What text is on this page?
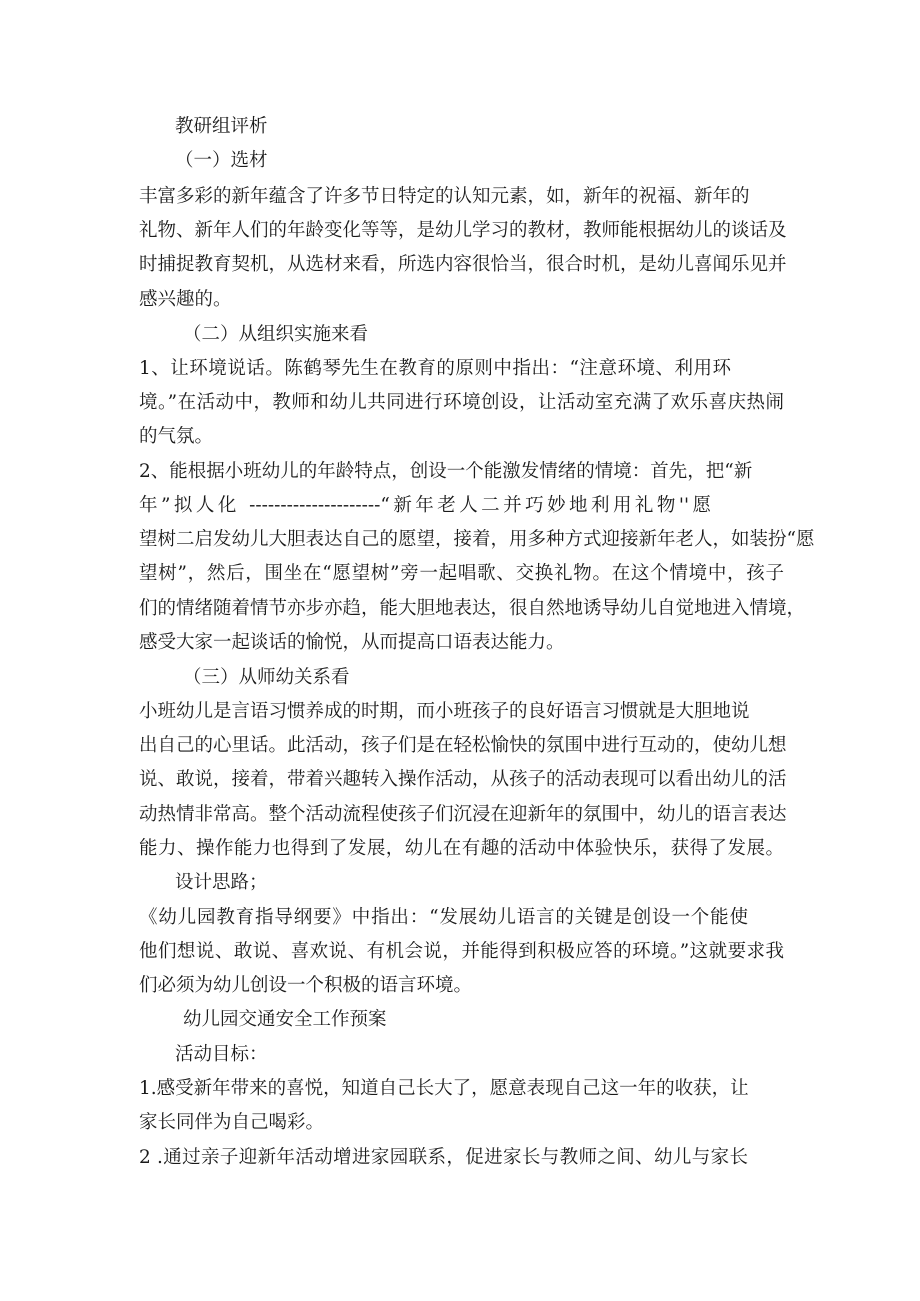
教研组评析
（一）选材
丰富多彩的新年蕴含了许多节日特定的认知元素，如，新年的祝福、新年的
礼物、新年人们的年龄变化等等，是幼儿学习的教材，教师能根据幼儿的谈话及
时捕捉教育契机，从选材来看，所选内容很恰当，很合时机，是幼儿喜闻乐见并
感兴趣的。
（二）从组织实施来看
1、让环境说话。陈鹤琴先生在教育的原则中指出：“注意环境、利用环
境。”在活动中，教师和幼儿共同进行环境创设，让活动室充满了欢乐喜庆热闹
的气氛。
2、能根据小班幼儿的年龄特点，创设一个能激发情绪的情境：首先，把“新
年”拟人化 ---------------------“新年老人二并巧妙地利用礼物''愿
望树二启发幼儿大胆表达自己的愿望，接着，用多种方式迎接新年老人，如装扮“愿
望树”，然后，围坐在“愿望树”旁一起唱歌、交换礼物。在这个情境中，孩子
们的情绪随着情节亦步亦趋，能大胆地表达，很自然地诱导幼儿自觉地进入情境，
感受大家一起谈话的愉悦，从而提高口语表达能力。
（三）从师幼关系看
小班幼儿是言语习惯养成的时期，而小班孩子的良好语言习惯就是大胆地说
出自己的心里话。此活动，孩子们是在轻松愉快的氛围中进行互动的，使幼儿想
说、敢说，接着，带着兴趣转入操作活动，从孩子的活动表现可以看出幼儿的活
动热情非常高。整个活动流程使孩子们沉浸在迎新年的氛围中，幼儿的语言表达
能力、操作能力也得到了发展，幼儿在有趣的活动中体验快乐，获得了发展。
设计思路；
《幼儿园教育指导纲要》中指出：“发展幼儿语言的关键是创设一个能使
他们想说、敢说、喜欢说、有机会说，并能得到积极应答的环境。”这就要求我
们必须为幼儿创设一个积极的语言环境。
幼儿园交通安全工作预案
活动目标：
1.感受新年带来的喜悦，知道自己长大了，愿意表现自己这一年的收获，让
家长同伴为自己喝彩。
2 .通过亲子迎新年活动增进家园联系，促进家长与教师之间、幼儿与家长
